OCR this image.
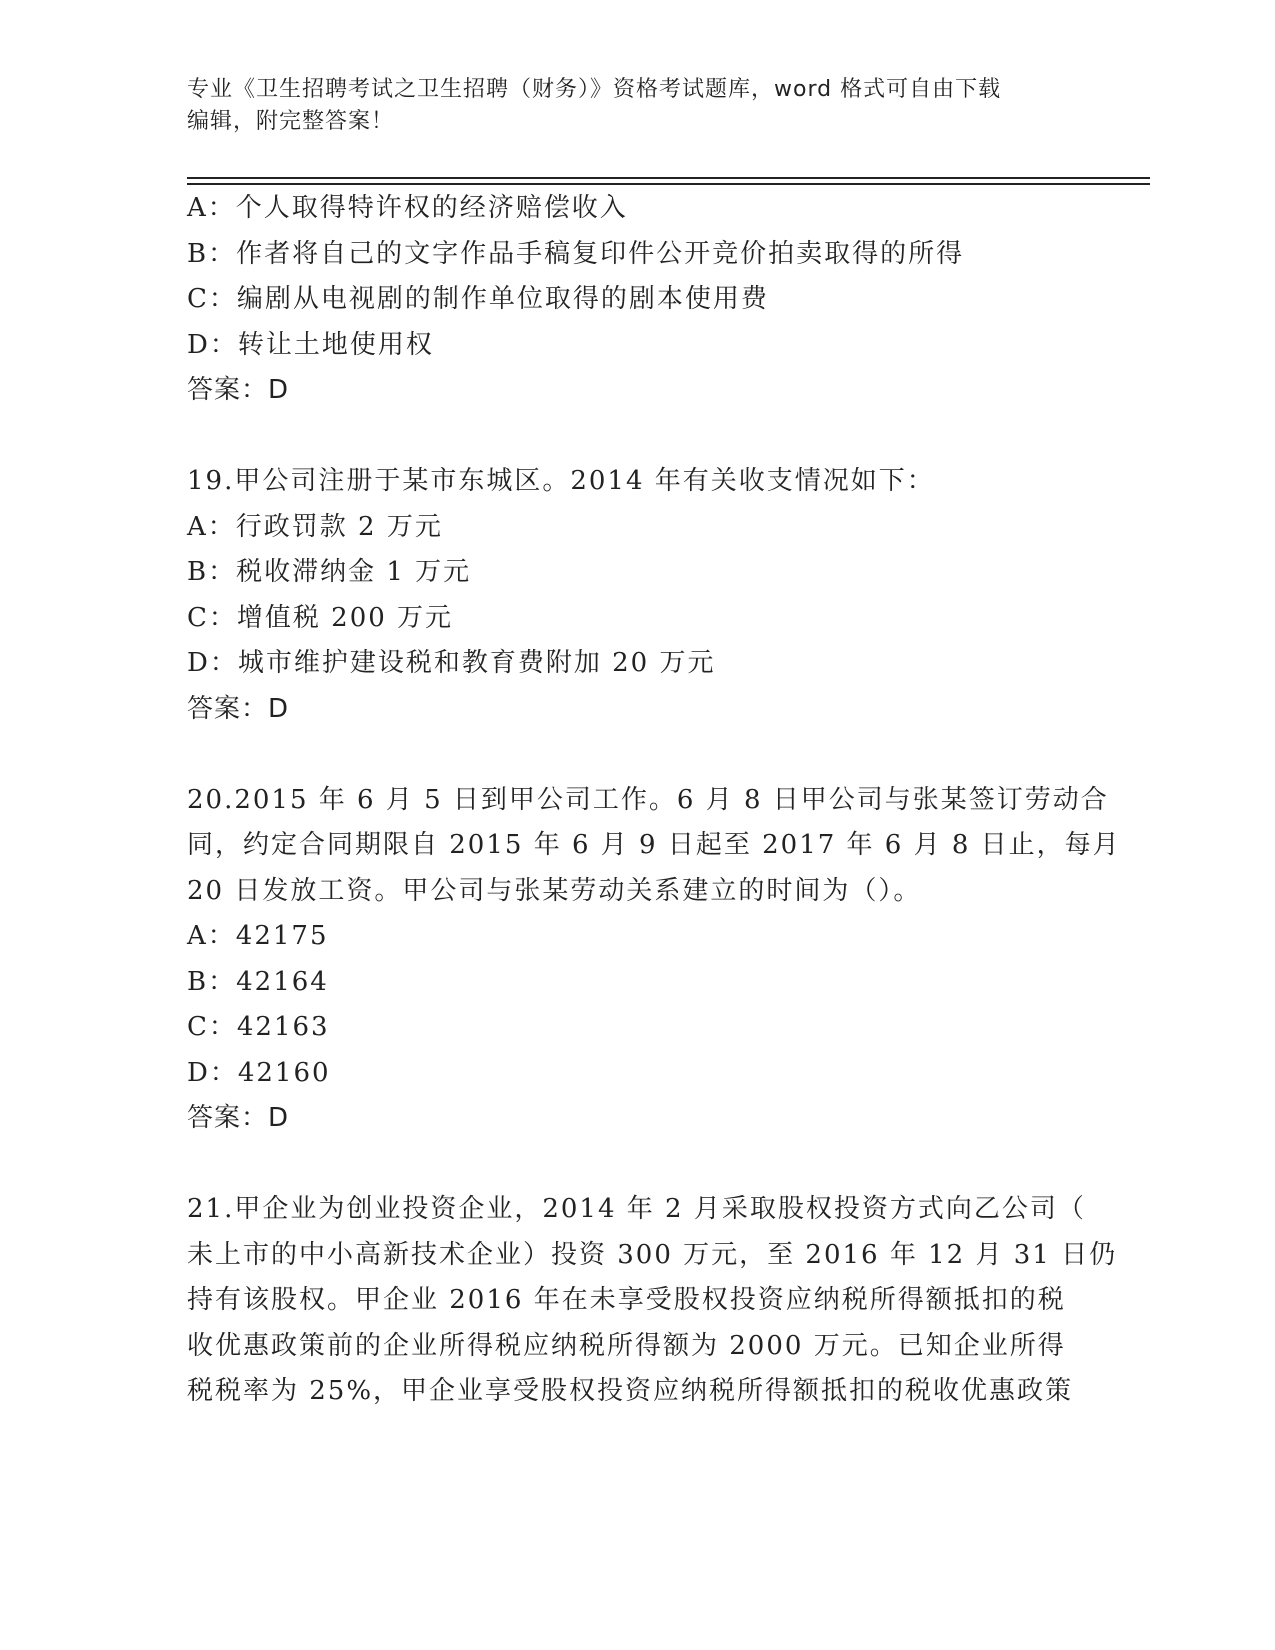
专业《卫生招聘考试之卫生招聘（财务）》资格考试题库，word 格式可自由下载
编辑，附完整答案！
A：个人取得特许权的经济赔偿收入
B：作者将自己的文字作品手稿复印件公开竞价拍卖取得的所得
C：编剧从电视剧的制作单位取得的剧本使用费
D：转让土地使用权
答案：D
19.甲公司注册于某市东城区。2014 年有关收支情况如下：
A：行政罚款 2 万元
B：税收滞纳金 1 万元
C：增值税 200 万元
D：城市维护建设税和教育费附加 20 万元
答案：D
20.2015 年 6 月 5 日到甲公司工作。6 月 8 日甲公司与张某签订劳动合
同，约定合同期限自 2015 年 6 月 9 日起至 2017 年 6 月 8 日止，每月
20 日发放工资。甲公司与张某劳动关系建立的时间为（）。
A：42175
B：42164
C：42163
D：42160
答案：D
21.甲企业为创业投资企业，2014 年 2 月采取股权投资方式向乙公司（
未上市的中小高新技术企业）投资 300 万元，至 2016 年 12 月 31 日仍
持有该股权。甲企业 2016 年在未享受股权投资应纳税所得额抵扣的税
收优惠政策前的企业所得税应纳税所得额为 2000 万元。已知企业所得
税税率为 25%，甲企业享受股权投资应纳税所得额抵扣的税收优惠政策
